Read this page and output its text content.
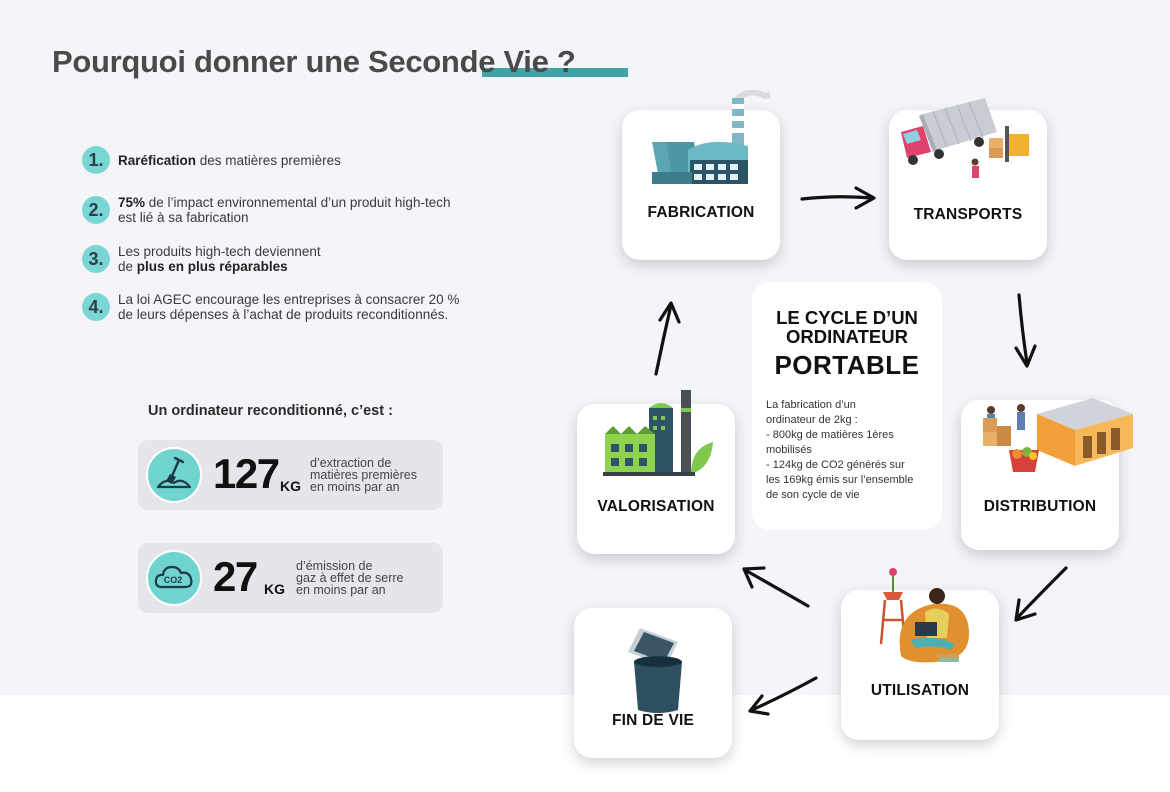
Pourquoi donner une Seconde Vie ?
1.	Raréfication des matières premières
2.	75% de l’impact environnemental d’un produit high-tech
est lié à sa fabrication
3.	Les produits high-tech deviennent
de plus en plus réparables
4.	La loi AGEC encourage les entreprises à consacrer 20 %
de leurs dépenses à l’achat de produits reconditionnés.
Un ordinateur reconditionné, c’est :
127 KG
d’extraction de
matières premières
en moins par an
CO2 27 KG
d’émission de
gaz à effet de serre
en moins par an
FABRICATION	TRANSPORTS
DISTRIBUTION
UTILISATION
FIN DE VIE
VALORISATION
LE CYCLE D’UN
ORDINATEUR
PORTABLE
La fabrication d’un
ordinateur de 2kg :
- 800kg de matières 1ères
mobilisés
- 124kg de CO2 générés sur
les 169kg émis sur l’ensemble
de son cycle de vie
